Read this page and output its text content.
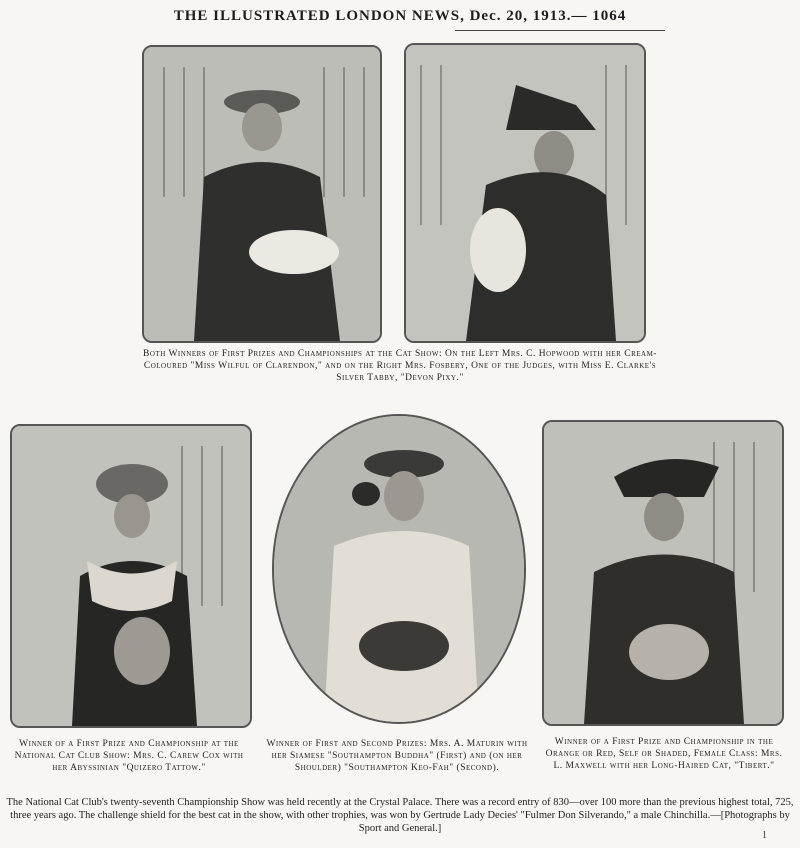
THE ILLUSTRATED LONDON NEWS, Dec. 20, 1913.— 1064
Both Winners of First Prizes and Championships at the Cat Show: On the Left Mrs. C. Hopwood with her Cream-Coloured "Miss Wilful of Clarendon," and on the Right Mrs. Fosbery, One of the Judges, with Miss E. Clarke's Silver Tabby, "Devon Pixy."
Winner of a First Prize and Championship at the National Cat Club Show: Mrs. C. Carew Cox with her Abyssinian "Quizero Tattow."
Winner of First and Second Prizes: Mrs. A. Maturin with her Siamese "Southampton Buddha" (First) and (on her Shoulder) "Southampton Keo-Fah" (Second).
Winner of a First Prize and Championship in the Orange or Red, Self or Shaded, Female Class: Mrs. L. Maxwell with her Long-Haired Cat, "Tibert."
The National Cat Club's twenty-seventh Championship Show was held recently at the Crystal Palace. There was a record entry of 830—over 100 more than the previous highest total, 725, three years ago. The challenge shield for the best cat in the show, with other trophies, was won by Gertrude Lady Decies' "Fulmer Don Silverando," a male Chinchilla.—[Photographs by Sport and General.]
1
